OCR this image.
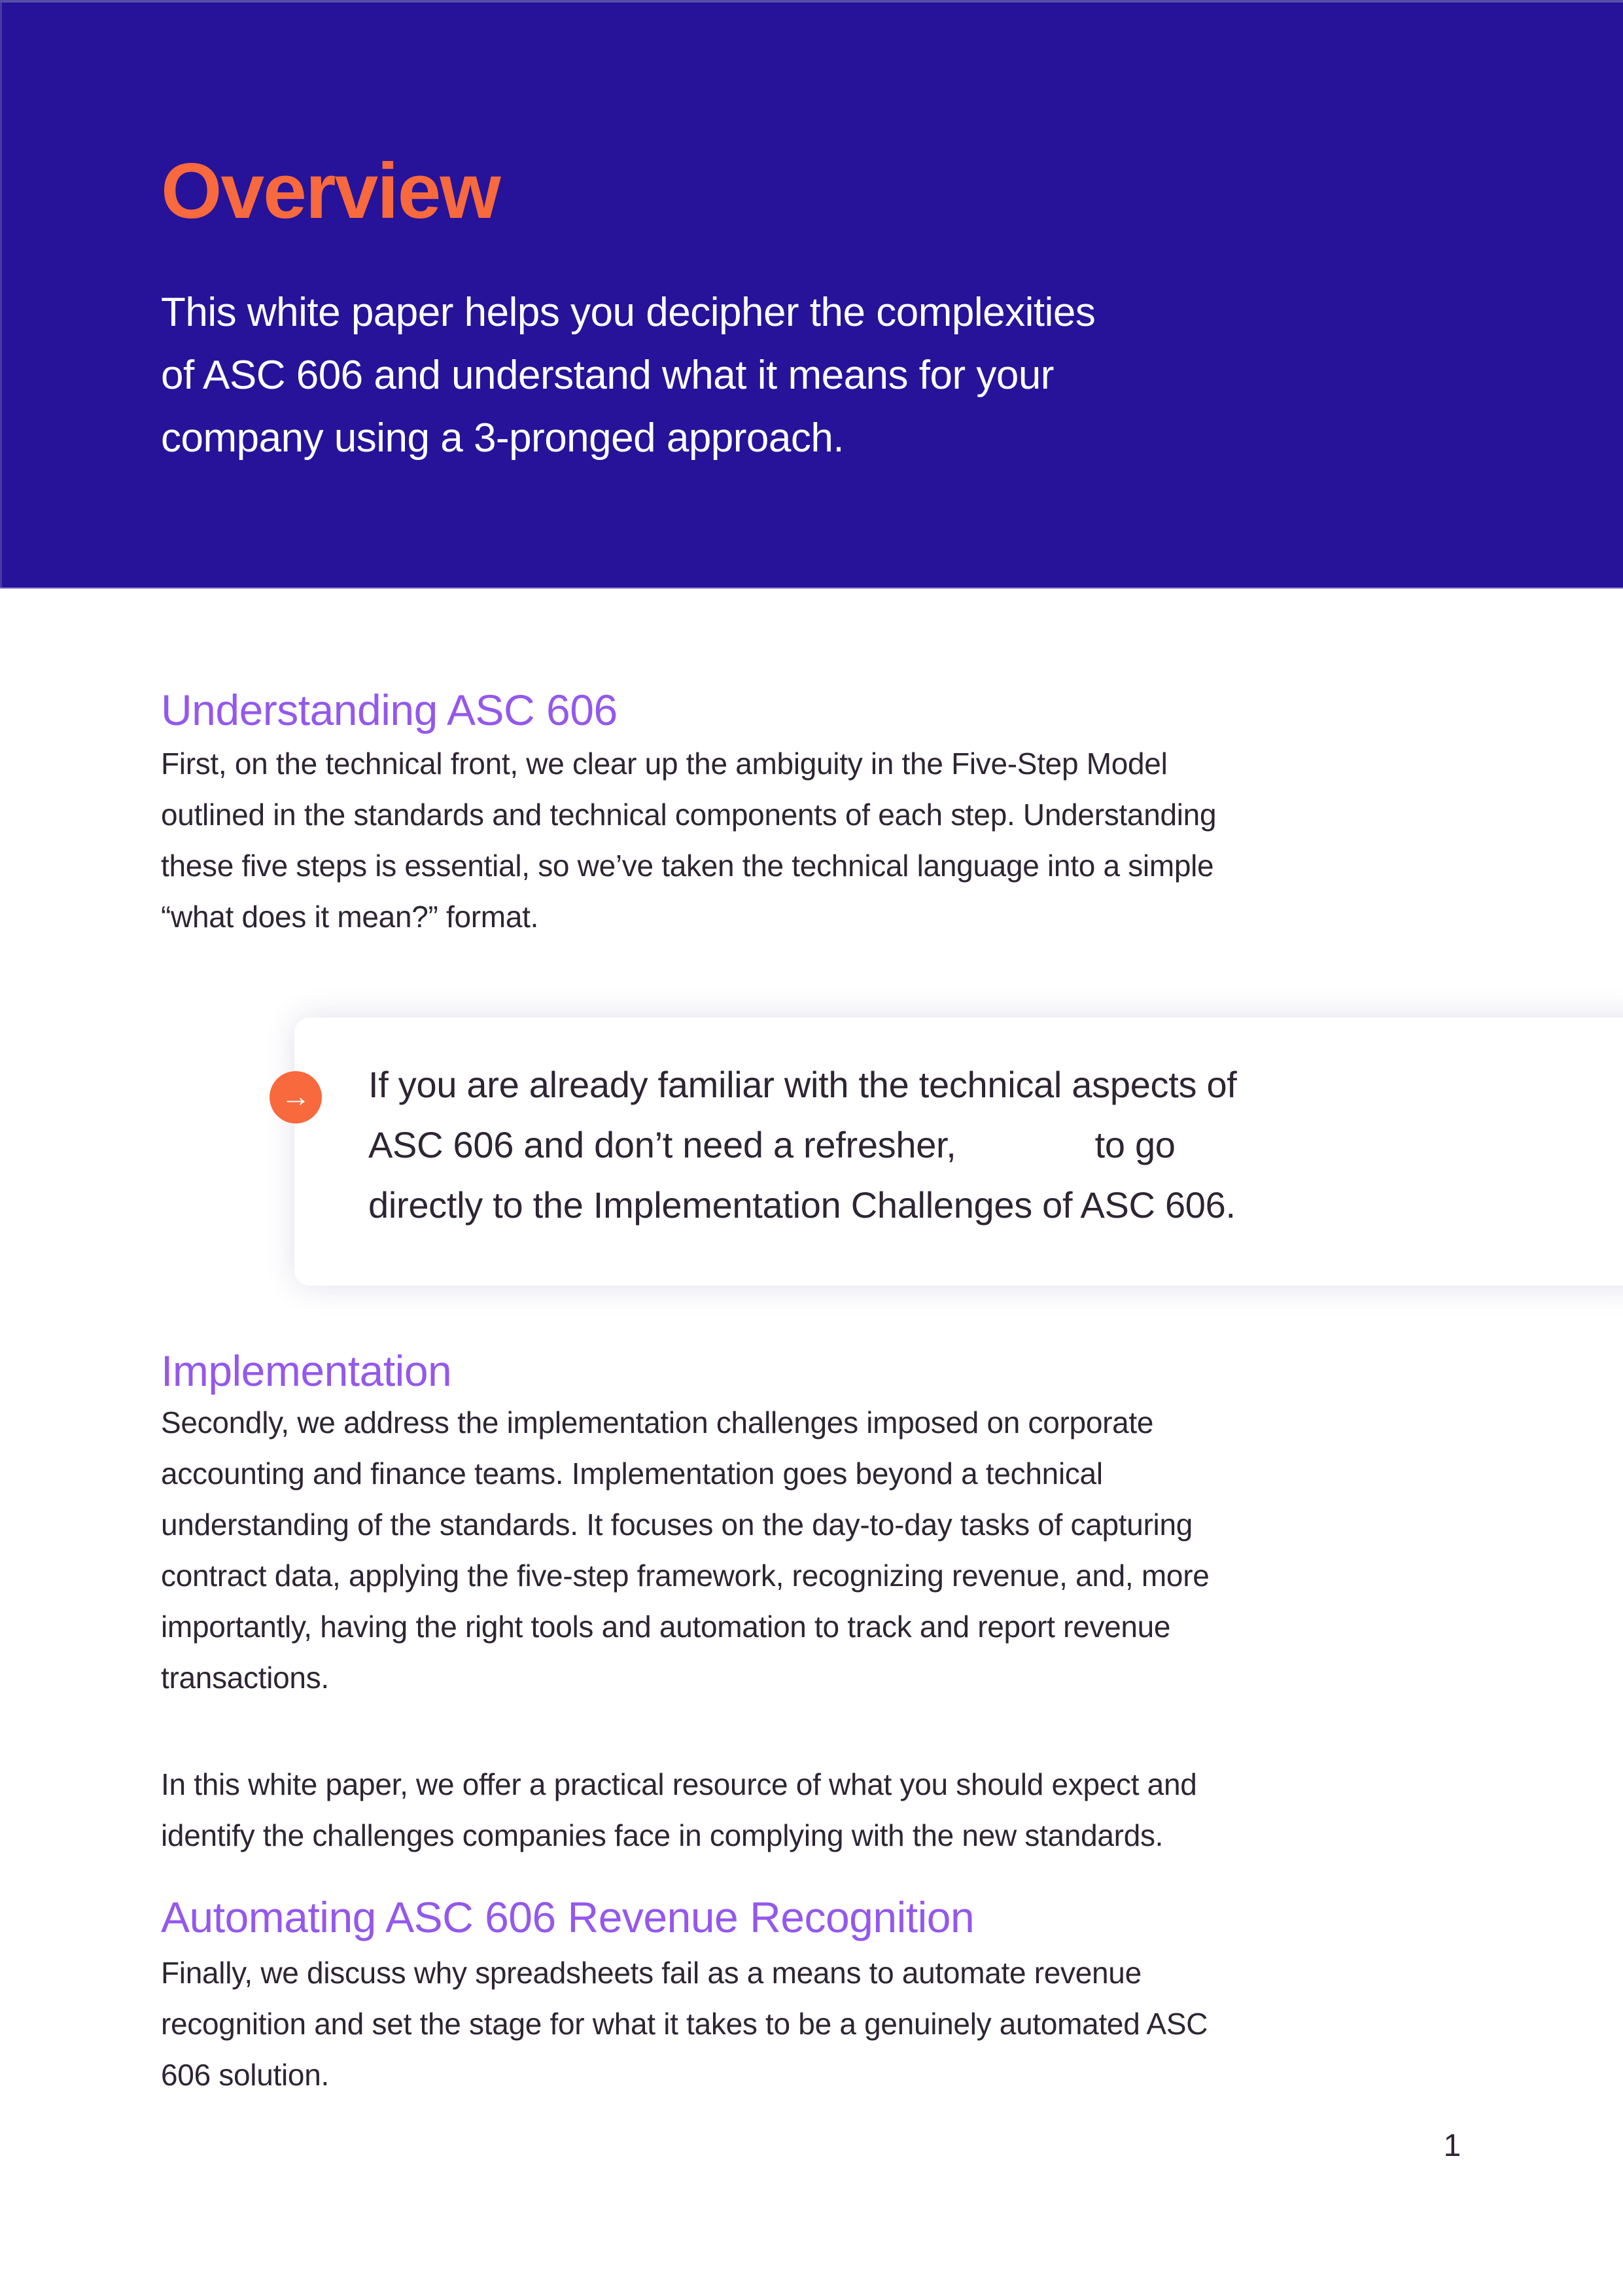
Overview
This white paper helps you decipher the complexities
of ASC 606 and understand what it means for your
company using a 3-pronged approach.
Understanding ASC 606
First, on the technical front, we clear up the ambiguity in the Five-Step Model
outlined in the standards and technical components of each step. Understanding
these five steps is essential, so we’ve taken the technical language into a simple
“what does it mean?” format.
→ If you are already familiar with the technical aspects of
ASC 606 and don’t need a refresher,	to go
directly to the Implementation Challenges of ASC 606.
Implementation
Secondly, we address the implementation challenges imposed on corporate
accounting and finance teams. Implementation goes beyond a technical
understanding of the standards. It focuses on the day-to-day tasks of capturing
contract data, applying the five-step framework, recognizing revenue, and, more
importantly, having the right tools and automation to track and report revenue
transactions.
In this white paper, we offer a practical resource of what you should expect and
identify the challenges companies face in complying with the new standards.
Automating ASC 606 Revenue Recognition
Finally, we discuss why spreadsheets fail as a means to automate revenue
recognition and set the stage for what it takes to be a genuinely automated ASC
606 solution.
1
